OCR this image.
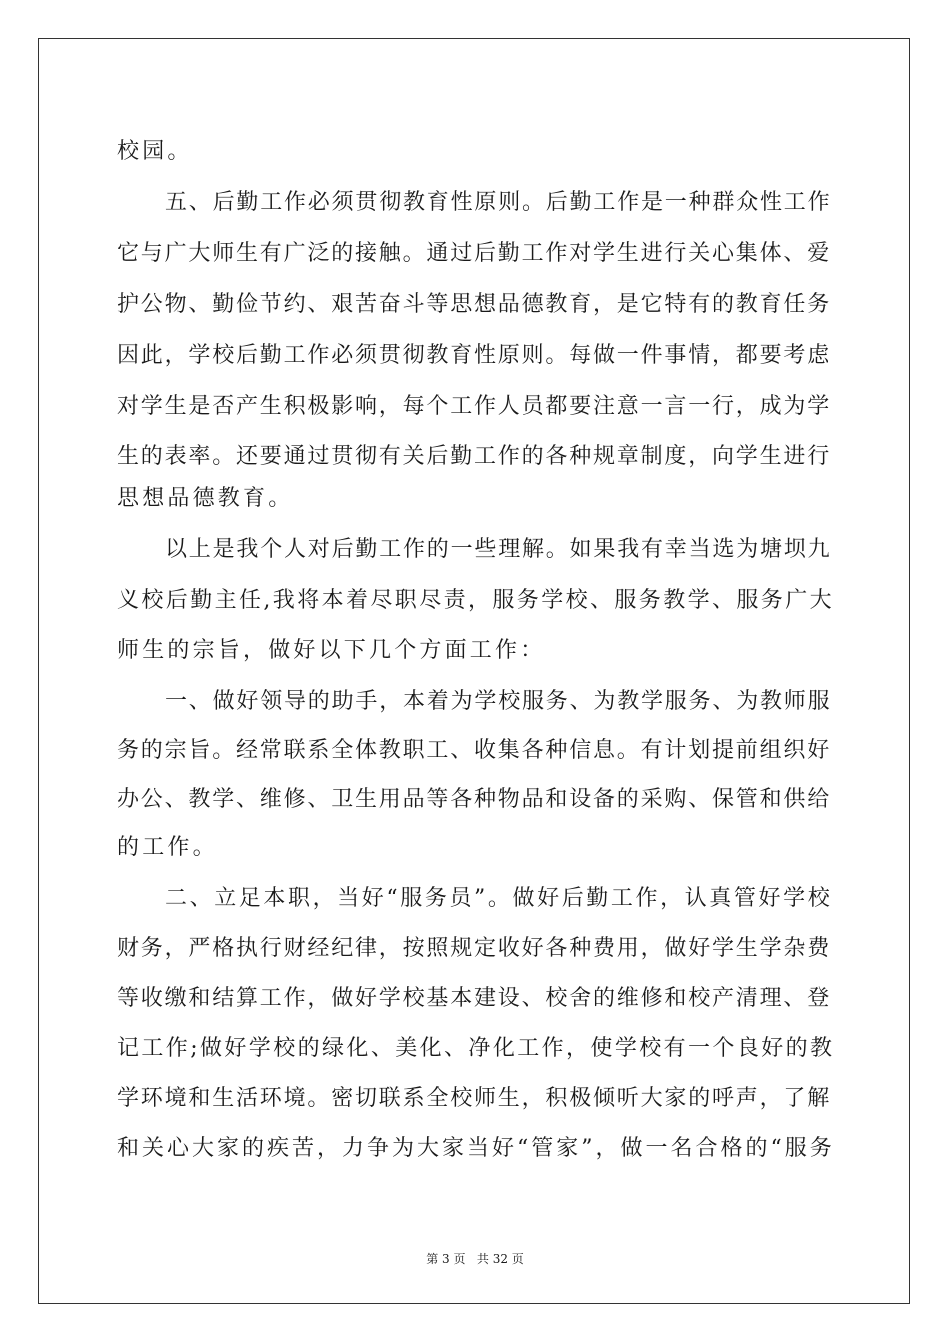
校园。
五、后勤工作必须贯彻教育性原则。后勤工作是一种群众性工作
它与广大师生有广泛的接触。通过后勤工作对学生进行关心集体、爱
护公物、勤俭节约、艰苦奋斗等思想品德教育，是它特有的教育任务
因此，学校后勤工作必须贯彻教育性原则。每做一件事情，都要考虑
对学生是否产生积极影响，每个工作人员都要注意一言一行，成为学
生的表率。还要通过贯彻有关后勤工作的各种规章制度，向学生进行
思想品德教育。
以上是我个人对后勤工作的一些理解。如果我有幸当选为塘坝九
义校后勤主任,我将本着尽职尽责，服务学校、服务教学、服务广大
师生的宗旨，做好以下几个方面工作：
一、做好领导的助手，本着为学校服务、为教学服务、为教师服
务的宗旨。经常联系全体教职工、收集各种信息。有计划提前组织好
办公、教学、维修、卫生用品等各种物品和设备的采购、保管和供给
的工作。
二、立足本职，当好“服务员”。做好后勤工作，认真管好学校
财务，严格执行财经纪律，按照规定收好各种费用，做好学生学杂费
等收缴和结算工作，做好学校基本建设、校舍的维修和校产清理、登
记工作;做好学校的绿化、美化、净化工作，使学校有一个良好的教
学环境和生活环境。密切联系全校师生，积极倾听大家的呼声，了解
和关心大家的疾苦，力争为大家当好“管家”，做一名合格的“服务
第 3 页   共 32 页
